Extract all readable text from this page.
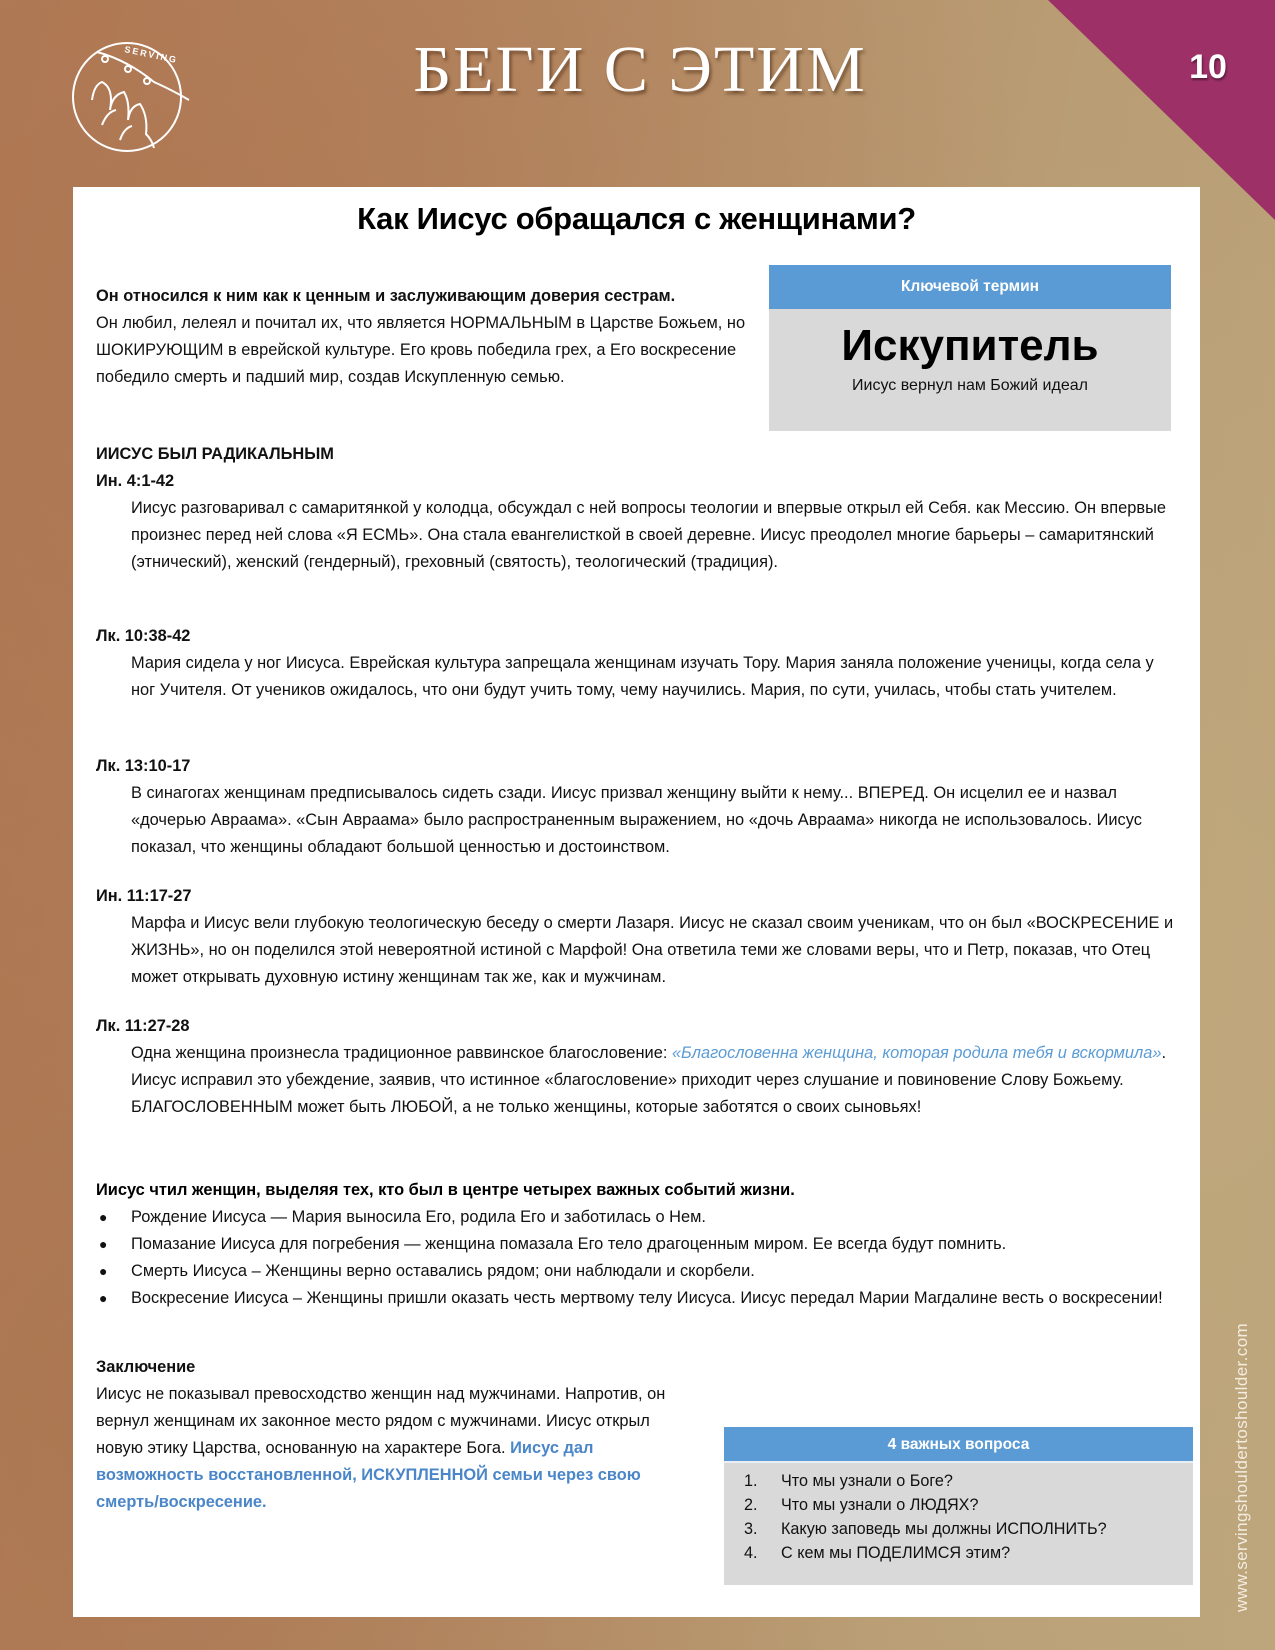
10
SERVING	БЕГИ С ЭТИМ
www.servingshouldertoshoulder.com
Как Иисус обращался с женщинами?
Он относился к ним как к ценным и заслуживающим доверия сестрам.
Он любил, лелеял и почитал их, что является НОРМАЛЬНЫМ в Царстве Божьем, но ШОКИРУЮЩИМ в еврейской культуре. Его кровь победила грех, а Его воскресение победило смерть и падший мир, создав Искупленную семью.
Ключевой термин
Искупитель
Иисус вернул нам Божий идеал
ИИСУС БЫЛ РАДИКАЛЬНЫМ
Ин. 4:1-42
Иисус разговаривал с самаритянкой у колодца, обсуждал с ней вопросы теологии и впервые открыл ей Себя. как Мессию. Он впервые произнес перед ней слова «Я ЕСМЬ». Она стала евангелисткой в своей деревне. Иисус преодолел многие барьеры – самаритянский (этнический), женский (гендерный), греховный (святость), теологический (традиция).
Лк. 10:38-42
Мария сидела у ног Иисуса. Еврейская культура запрещала женщинам изучать Тору. Мария заняла положение ученицы, когда села у ног Учителя. От учеников ожидалось, что они будут учить тому, чему научились. Мария, по сути, училась, чтобы стать учителем.
Лк. 13:10-17
В синагогах женщинам предписывалось сидеть сзади. Иисус призвал женщину выйти к нему... ВПЕРЕД. Он исцелил ее и назвал «дочерью Авраама». «Сын Авраама» было распространенным выражением, но «дочь Авраама» никогда не использовалось. Иисус показал, что женщины обладают большой ценностью и достоинством.
Ин. 11:17-27
Марфа и Иисус вели глубокую теологическую беседу о смерти Лазаря. Иисус не сказал своим ученикам, что он был «ВОСКРЕСЕНИЕ и ЖИЗНЬ», но он поделился этой невероятной истиной с Марфой! Она ответила теми же словами веры, что и Петр, показав, что Отец может открывать духовную истину женщинам так же, как и мужчинам.
Лк. 11:27-28
Одна женщина произнесла традиционное раввинское благословение: «Благословенна женщина, которая родила тебя и вскормила». Иисус исправил это убеждение, заявив, что истинное «благословение» приходит через слушание и повиновение Слову Божьему. БЛАГОСЛОВЕННЫМ может быть ЛЮБОЙ, а не только женщины, которые заботятся о своих сыновьях!
Иисус чтил женщин, выделяя тех, кто был в центре четырех важных событий жизни.
● Рождение Иисуса — Мария выносила Его, родила Его и заботилась о Нем.
● Помазание Иисуса для погребения — женщина помазала Его тело драгоценным миром. Ее всегда будут помнить.
● Смерть Иисуса – Женщины верно оставались рядом; они наблюдали и скорбели.
● Воскресение Иисуса – Женщины пришли оказать честь мертвому телу Иисуса. Иисус передал Марии Магдалине весть о воскресении!
Заключение
Иисус не показывал превосходство женщин над мужчинами. Напротив, он вернул женщинам их законное место рядом с мужчинами. Иисус открыл новую этику Царства, основанную на характере Бога. Иисус дал возможность восстановленной, ИСКУПЛЕННОЙ семьи через свою смерть/воскресение.
4 важных вопроса
1.	Что мы узнали о Боге?
2.	Что мы узнали о ЛЮДЯХ?
3.	Какую заповедь мы должны ИСПОЛНИТЬ?
4.	С кем мы ПОДЕЛИМСЯ этим?
